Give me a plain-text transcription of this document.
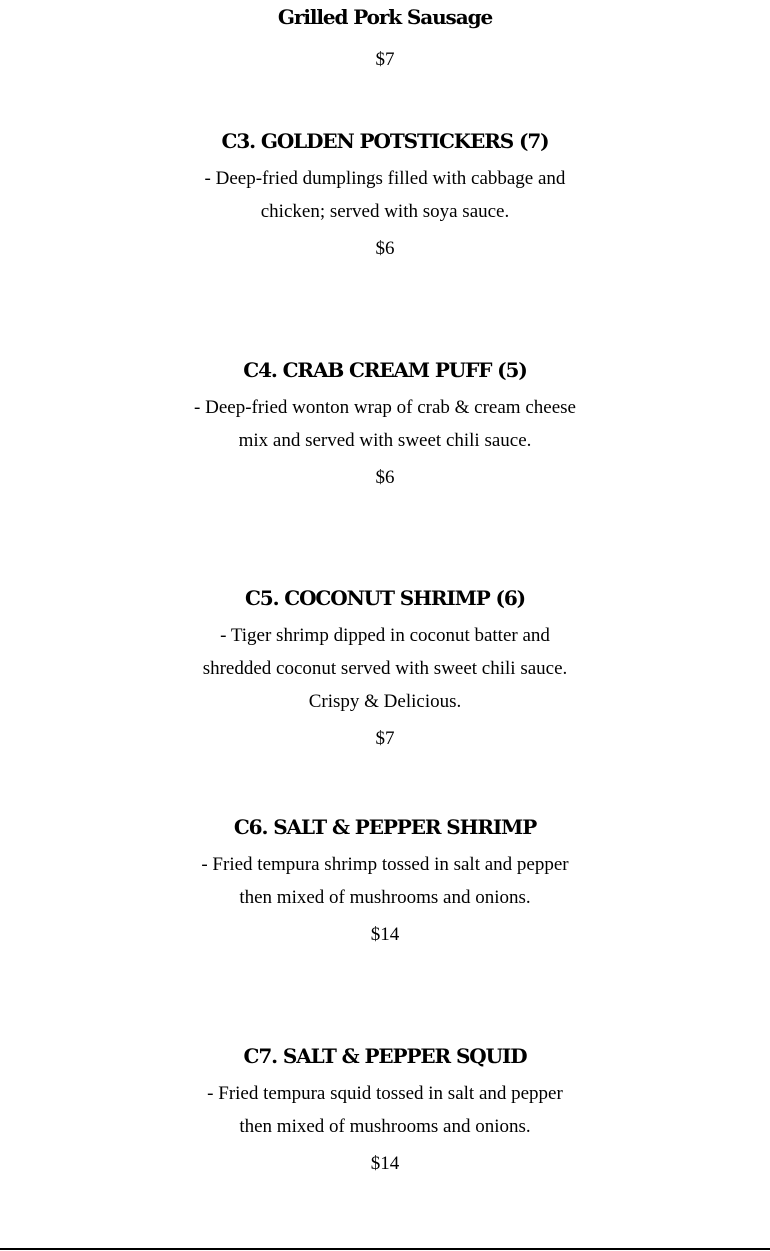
Grilled Pork Sausage

$7

C3. GOLDEN POTSTICKERS (7)

- Deep-fried dumplings filled with cabbage and chicken; served with soya sauce.

$6

C4. CRAB CREAM PUFF (5)

- Deep-fried wonton wrap of crab & cream cheese mix and served with sweet chili sauce.

$6

C5. COCONUT SHRIMP (6)

- Tiger shrimp dipped in coconut batter and shredded coconut served with sweet chili sauce. Crispy & Delicious.

$7

C6. SALT & PEPPER SHRIMP

- Fried tempura shrimp tossed in salt and pepper then mixed of mushrooms and onions.

$14

C7. SALT & PEPPER SQUID

- Fried tempura squid tossed in salt and pepper then mixed of mushrooms and onions.

$14
